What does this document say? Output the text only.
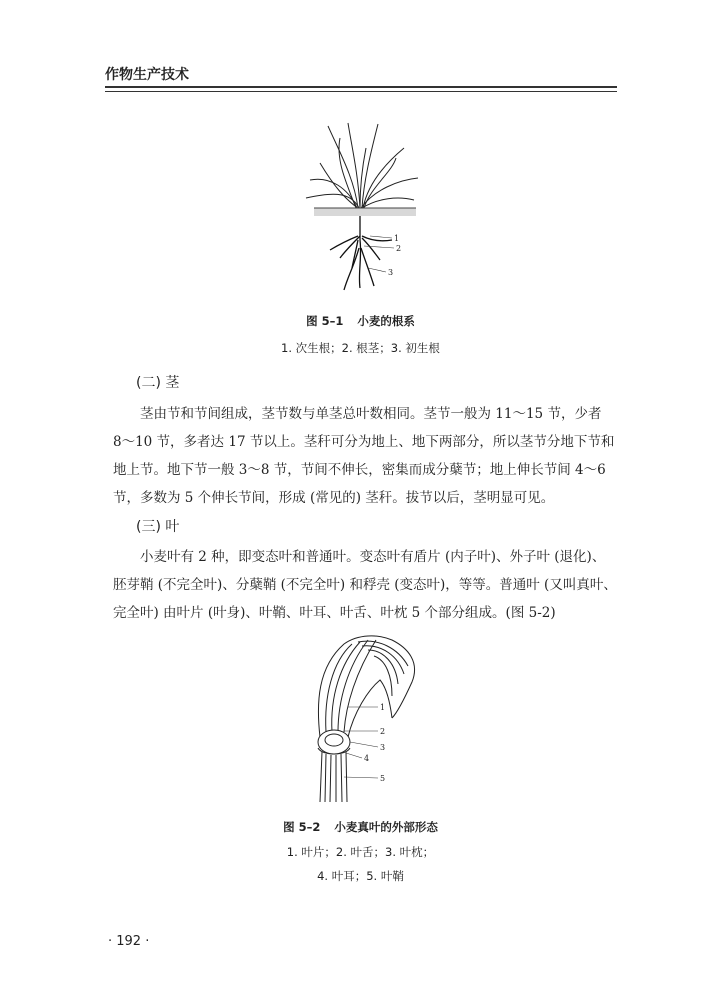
作物生产技术
1
2
3
图 5–1 小麦的根系
1. 次生根；2. 根茎；3. 初生根
(二) 茎
茎由节和节间组成，茎节数与单茎总叶数相同。茎节一般为 11～15 节，少者
8～10 节，多者达 17 节以上。茎秆可分为地上、地下两部分，所以茎节分地下节和
地上节。地下节一般 3～8 节，节间不伸长，密集而成分蘖节；地上伸长节间 4～6
节，多数为 5 个伸长节间，形成 (常见的) 茎秆。拔节以后，茎明显可见。
(三) 叶
小麦叶有 2 种，即变态叶和普通叶。变态叶有盾片 (内子叶)、外子叶 (退化)、
胚芽鞘 (不完全叶)、分蘖鞘 (不完全叶) 和稃壳 (变态叶)，等等。普通叶 (又叫真叶、
完全叶) 由叶片 (叶身)、叶鞘、叶耳、叶舌、叶枕 5 个部分组成。(图 5-2)
1
2
3
4
5
图 5–2 小麦真叶的外部形态
1. 叶片；2. 叶舌；3. 叶枕；
4. 叶耳；5. 叶鞘
· 192 ·
